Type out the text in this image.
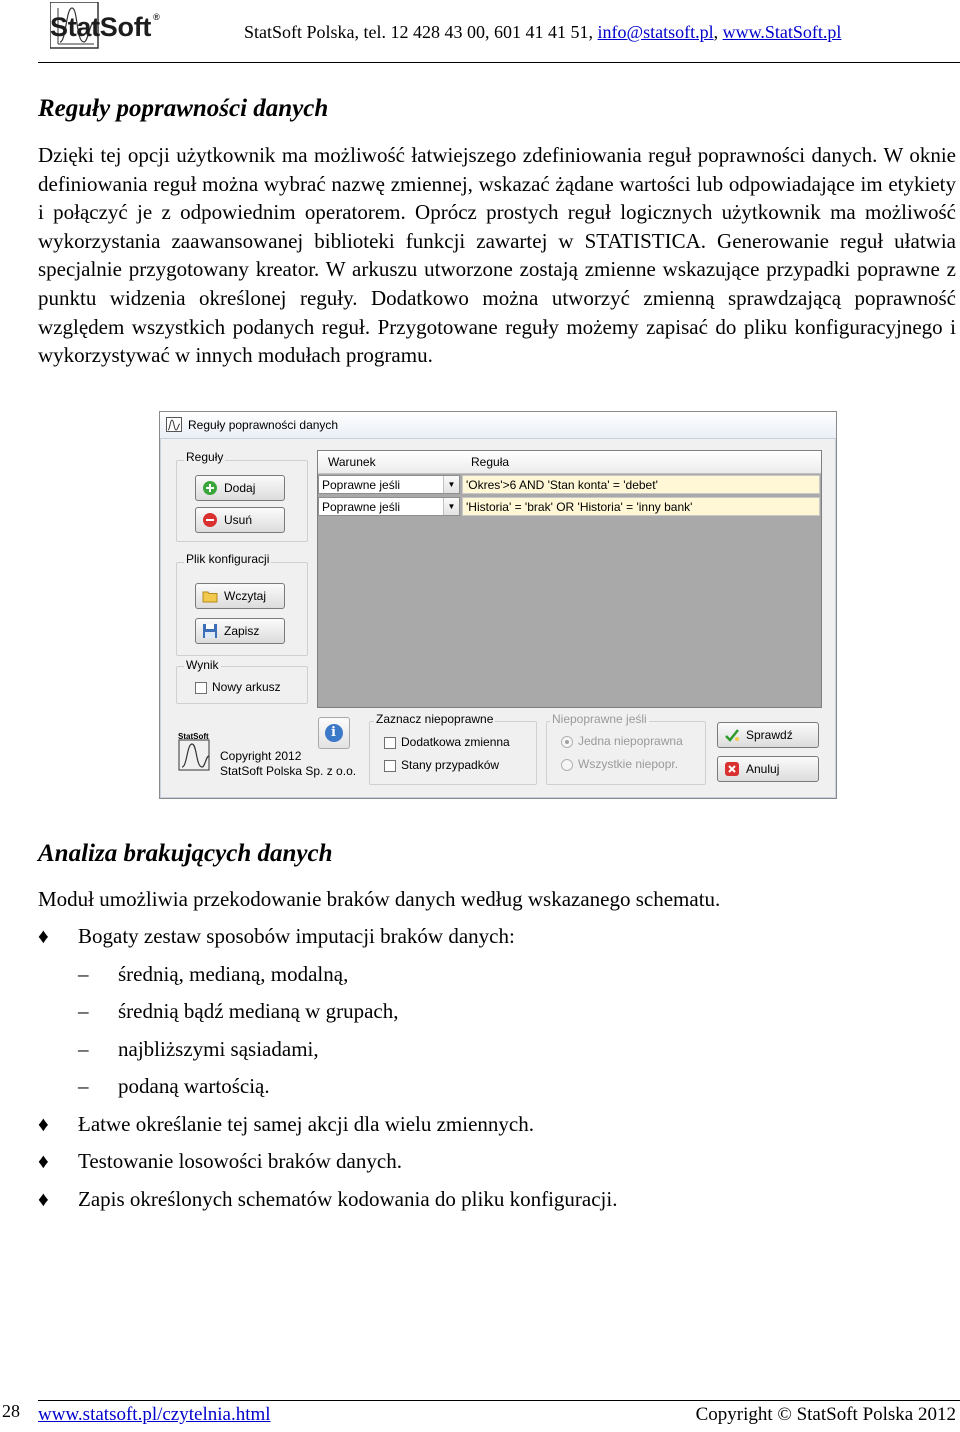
StatSoft ®
StatSoft Polska, tel. 12 428 43 00, 601 41 41 51, info@statsoft.pl, www.StatSoft.pl
Reguły poprawności danych

Dzięki tej opcji użytkownik ma możliwość łatwiejszego zdefiniowania reguł poprawności danych. W oknie definiowania reguł można wybrać nazwę zmiennej, wskazać żądane wartości lub odpowiadające im etykiety i połączyć je z odpowiednim operatorem. Oprócz prostych reguł logicznych użytkownik ma możliwość wykorzystania zaawansowanej biblioteki funkcji zawartej w STATISTICA. Generowanie reguł ułatwia specjalnie przygotowany kreator. W arkuszu utworzone zostają zmienne wskazujące przypadki poprawne z punktu widzenia określonej reguły. Dodatkowo można utworzyć zmienną sprawdzającą poprawność względem wszystkich podanych reguł. Przygotowane reguły możemy zapisać do pliku konfiguracyjnego i wykorzystywać w innych modułach programu.

Reguły poprawności danych
Reguły
Dodaj
Usuń
Plik konfiguracji
Wczytaj
Zapisz
Wynik
Nowy arkusz
Warunek	Reguła
Poprawne jeśli	▼ 'Okres'>6 AND 'Stan konta' = 'debet'
Poprawne jeśli	▼ 'Historia' = 'brak' OR 'Historia' = 'inny bank'
i
StatSoft
Copyright 2012
StatSoft Polska Sp. z o.o.
Zaznacz niepoprawne
Dodatkowa zmienna
Stany przypadków
Niepoprawne jeśli
Jedna niepoprawna
Wszystkie niepopr.
Sprawdź
Anuluj
Analiza brakujących danych

Moduł umożliwia przekodowanie braków danych według wskazanego schematu.

♦ Bogaty zestaw sposobów imputacji braków danych:
– średnią, medianą, modalną,
– średnią bądź medianą w grupach,
– najbliższymi sąsiadami,
– podaną wartością.
♦ Łatwe określanie tej samej akcji dla wielu zmiennych.
♦ Testowanie losowości braków danych.
♦ Zapis określonych schematów kodowania do pliku konfiguracji.
28 www.statsoft.pl/czytelnia.html	Copyright © StatSoft Polska 2012
